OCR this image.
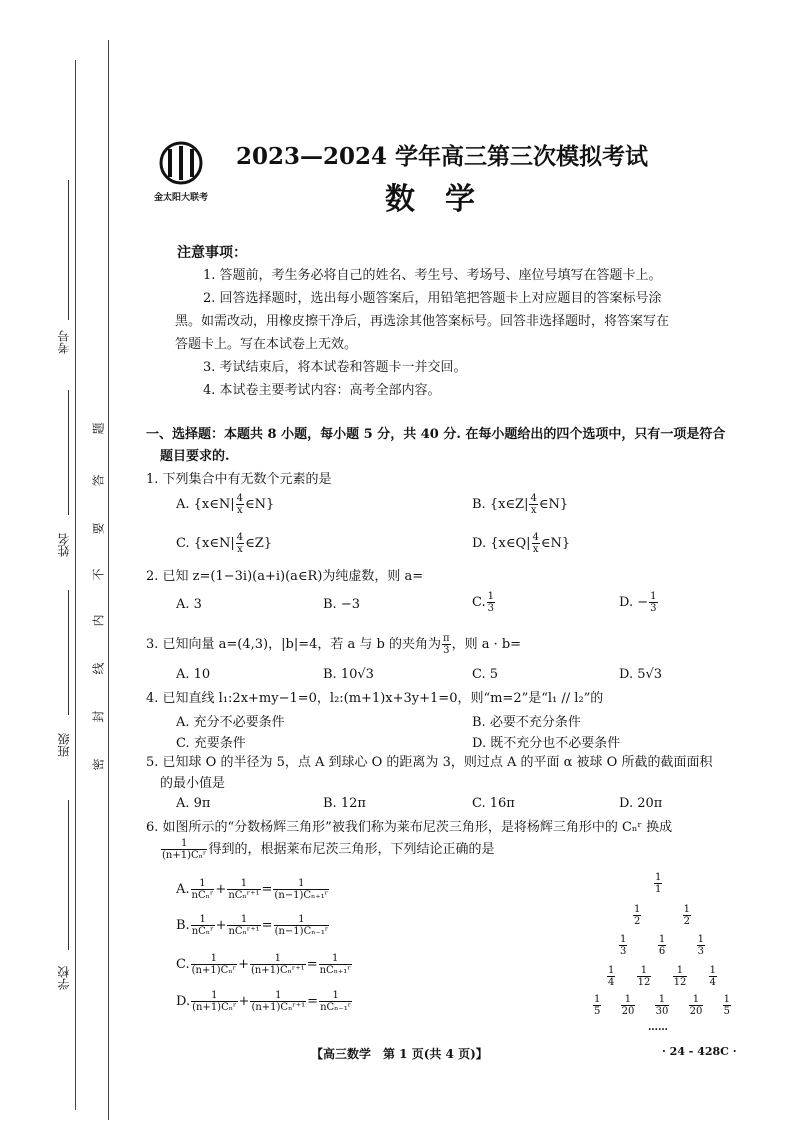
考号
姓名
班级
学校
题
答
要
不
内
线
封
密
金太阳大联考
2023—2024 学年高三第三次模拟考试
数　学
注意事项：
1. 答题前，考生务必将自己的姓名、考生号、考场号、座位号填写在答题卡上。
2. 回答选择题时，选出每小题答案后，用铅笔把答题卡上对应题目的答案标号涂
黑。如需改动，用橡皮擦干净后，再选涂其他答案标号。回答非选择题时，将答案写在
答题卡上。写在本试卷上无效。
3. 考试结束后，将本试卷和答题卡一并交回。
4. 本试卷主要考试内容：高考全部内容。
一、选择题：本题共 8 小题，每小题 5 分，共 40 分. 在每小题给出的四个选项中，只有一项是符合
题目要求的.
1. 下列集合中有无数个元素的是
A. {x∈N| $\frac{4}{x}$ ∈N}	B. {x∈Z| $\frac{4}{x}$ ∈N}
C. {x∈N| $\frac{4}{x}$ ∈Z}	D. {x∈Q| $\frac{4}{x}$ ∈N}
2. 已知 z=(1−3i)(a+i)(a∈R)为纯虚数，则 a=
A. 3	B. −3	C. $\frac{1}{3}$	D. − $\frac{1}{3}$
3. 已知向量 a=(4,3)，|b|=4，若 a 与 b 的夹角为 $\frac{\pi}{3}$ ，则 a · b=
A. 10	B. 10√3	C. 5	D. 5√3
4. 已知直线 l₁:2x+my−1=0，l₂:(m+1)x+3y+1=0，则“m=2”是“l₁ // l₂”的
A. 充分不必要条件	B. 必要不充分条件
C. 充要条件	D. 既不充分也不必要条件
5. 已知球 O 的半径为 5，点 A 到球心 O 的距离为 3，则过点 A 的平面 α 被球 O 所截的截面面积
的最小值是
A. 9π	B. 12π	C. 16π	D. 20π
6. 如图所示的“分数杨辉三角形”被我们称为莱布尼茨三角形，是将杨辉三角形中的 Cₙʳ 换成
$\frac{1}{\text{(n+1)Cₙʳ}}$ 得到的，根据莱布尼茨三角形，下列结论正确的是
A. $\frac{1}{\text{nCₙʳ}} + \frac{1}{\text{nCₙʳ⁺¹}} = \frac{1}{\text{(n−1)Cₙ₊₁ʳ}}$
B. $\frac{1}{\text{nCₙʳ}} + \frac{1}{\text{nCₙʳ⁺¹}} = \frac{1}{\text{(n−1)Cₙ₋₁ʳ}}$
C. $\frac{1}{\text{(n+1)Cₙʳ}} + \frac{1}{\text{(n+1)Cₙʳ⁺¹}} = \frac{1}{\text{nCₙ₊₁ʳ}}$
D. $\frac{1}{\text{(n+1)Cₙʳ}} + \frac{1}{\text{(n+1)Cₙʳ⁺¹}} = \frac{1}{\text{nCₙ₋₁ʳ}}$
$\frac{1}{1}$
$\frac{1}{2}$	$\frac{1}{2}$
$\frac{1}{3}$	$\frac{1}{6}$	$\frac{1}{3}$
$\frac{1}{4} \frac{1}{12} \frac{1}{12} \frac{1}{4}$
$\frac{1}{5} \frac{1}{20} \frac{1}{30} \frac{1}{20} \frac{1}{5}$
……
【高三数学　第 1 页(共 4 页)】	· 24 - 428C ·
